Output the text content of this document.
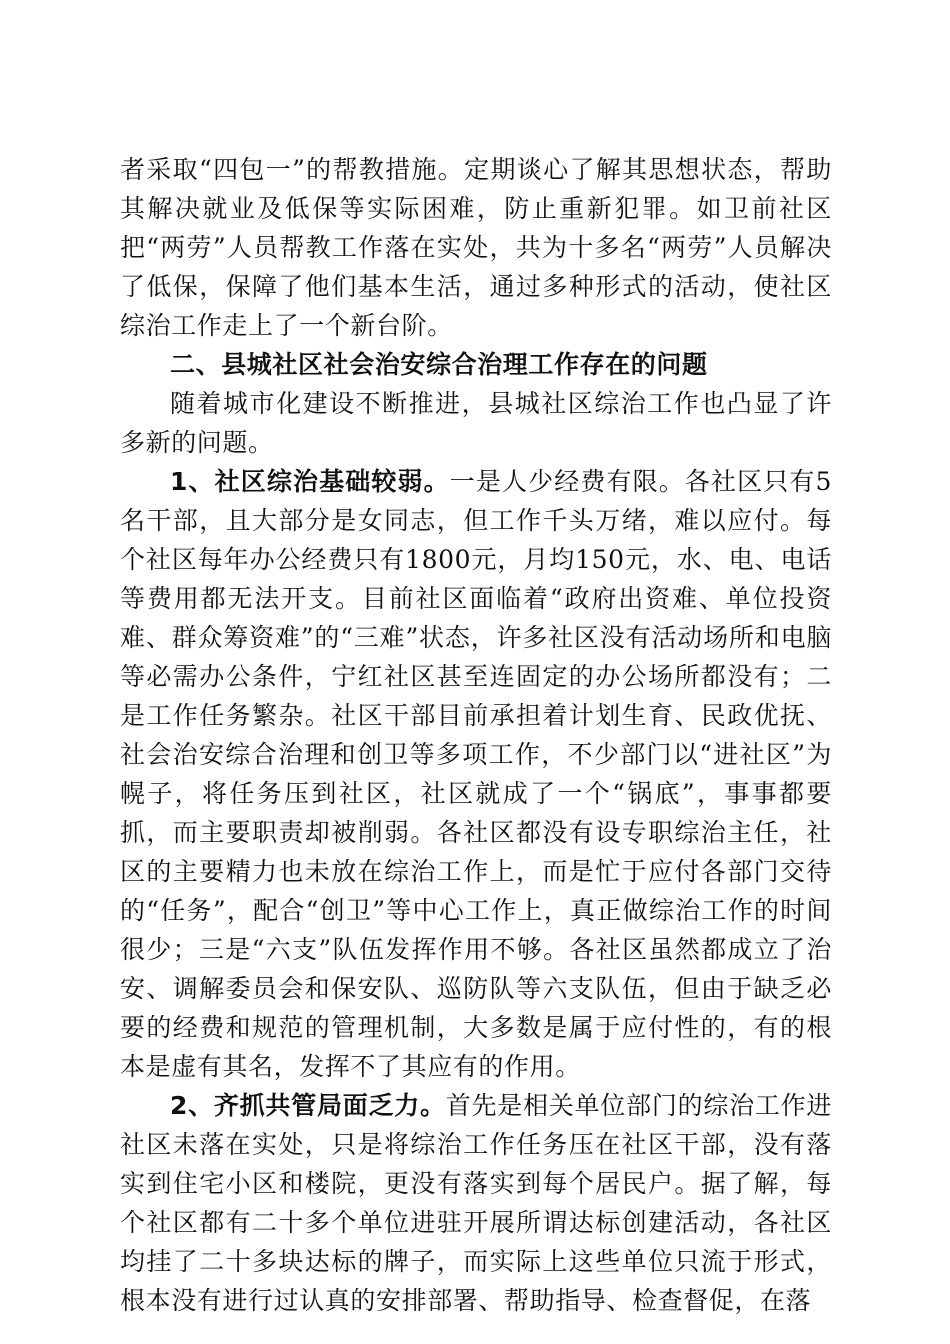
者采取“四包一”的帮教措施。定期谈心了解其思想状态，帮助其解决就业及低保等实际困难，防止重新犯罪。如卫前社区把“两劳”人员帮教工作落在实处，共为十多名“两劳”人员解决了低保，保障了他们基本生活，通过多种形式的活动，使社区综治工作走上了一个新台阶。

二、县城社区社会治安综合治理工作存在的问题

随着城市化建设不断推进，县城社区综治工作也凸显了许多新的问题。

1、社区综治基础较弱。一是人少经费有限。各社区只有5名干部，且大部分是女同志，但工作千头万绪，难以应付。每个社区每年办公经费只有1800元，月均150元，水、电、电话等费用都无法开支。目前社区面临着“政府出资难、单位投资难、群众筹资难”的“三难”状态，许多社区没有活动场所和电脑等必需办公条件，宁红社区甚至连固定的办公场所都没有；二是工作任务繁杂。社区干部目前承担着计划生育、民政优抚、社会治安综合治理和创卫等多项工作，不少部门以“进社区”为幌子，将任务压到社区，社区就成了一个“锅底”，事事都要抓，而主要职责却被削弱。各社区都没有设专职综治主任，社区的主要精力也未放在综治工作上，而是忙于应付各部门交待的“任务”，配合“创卫”等中心工作上，真正做综治工作的时间很少；三是“六支”队伍发挥作用不够。各社区虽然都成立了治安、调解委员会和保安队、巡防队等六支队伍，但由于缺乏必要的经费和规范的管理机制，大多数是属于应付性的，有的根本是虚有其名，发挥不了其应有的作用。

2、齐抓共管局面乏力。首先是相关单位部门的综治工作进社区未落在实处，只是将综治工作任务压在社区干部，没有落实到住宅小区和楼院，更没有落实到每个居民户。据了解，每个社区都有二十多个单位进驻开展所谓达标创建活动，各社区均挂了二十多块达标的牌子，而实际上这些单位只流于形式，根本没有进行过认真的安排部署、帮助指导、检查督促，在落
